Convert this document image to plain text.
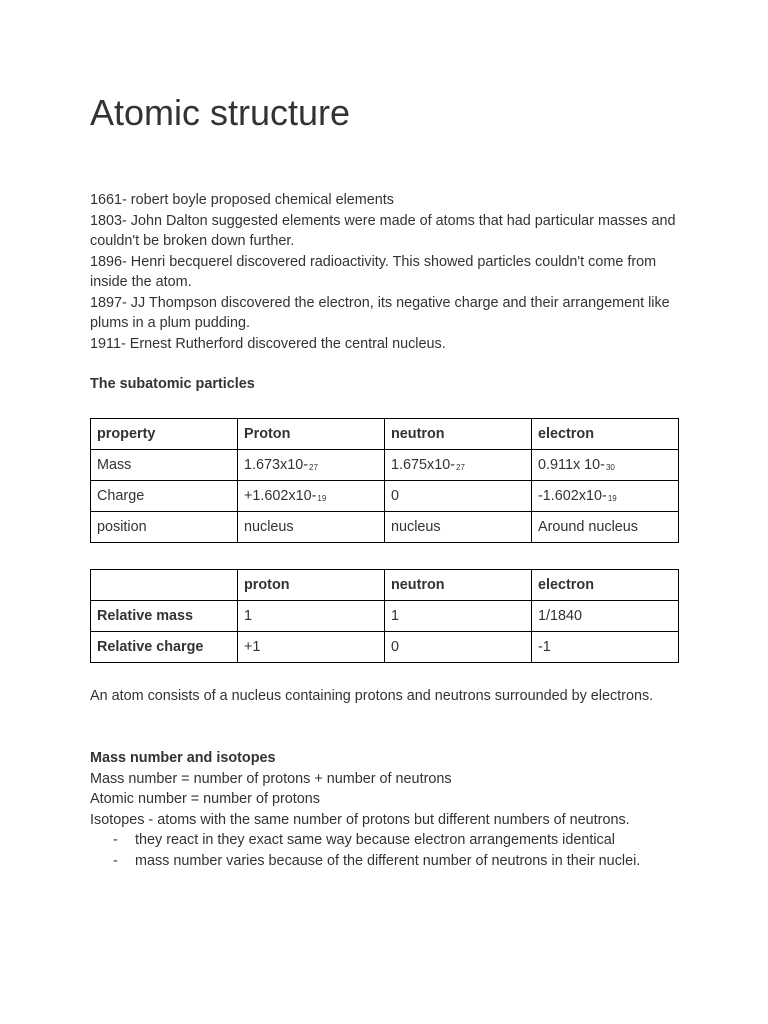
Atomic structure

1661- robert boyle proposed chemical elements

1803- John Dalton suggested elements were made of atoms that had particular masses and couldn't be broken down further.

1896- Henri becquerel discovered radioactivity. This showed particles couldn't come from inside the atom.

1897- JJ Thompson discovered the electron, its negative charge and their arrangement like plums in a plum pudding.

1911- Ernest Rutherford discovered the central nucleus.

The subatomic particles

property	Proton	neutron	electron
Mass	$1.673x10-_{27}$	$1.675x10-_{27}$	0.911x $10-_{30}$
Charge	$+1.602x10-_{19}$	0	$-1.602x10-_{19}$
position	nucleus	nucleus	Around nucleus
	proton	neutron	electron
Relative mass	1	1	1/1840
Relative charge	+1	0	-1

An atom consists of a nucleus containing protons and neutrons surrounded by electrons.

Mass number and isotopes

Mass number = number of protons + number of neutrons

Atomic number = number of protons

Isotopes - atoms with the same number of protons but different numbers of neutrons.

- they react in they exact same way because electron arrangements identical
- mass number varies because of the different number of neutrons in their nuclei.
